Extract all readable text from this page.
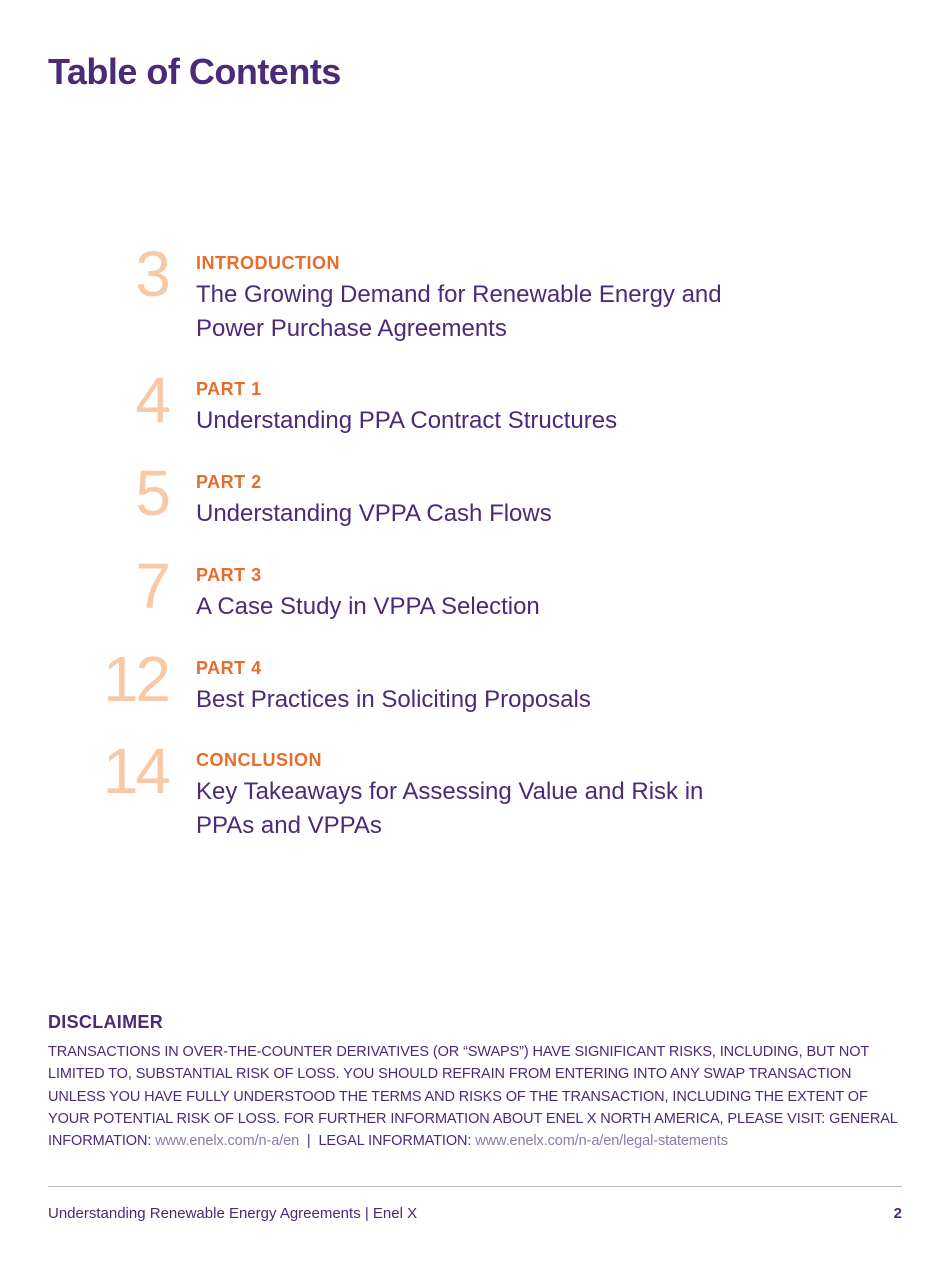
Table of Contents
3 INTRODUCTION
The Growing Demand for Renewable Energy and Power Purchase Agreements
4 PART 1
Understanding PPA Contract Structures
5 PART 2
Understanding VPPA Cash Flows
7 PART 3
A Case Study in VPPA Selection
12 PART 4
Best Practices in Soliciting Proposals
14 CONCLUSION
Key Takeaways for Assessing Value and Risk in PPAs and VPPAs
DISCLAIMER

TRANSACTIONS IN OVER-THE-COUNTER DERIVATIVES (OR “SWAPS”) HAVE SIGNIFICANT RISKS, INCLUDING, BUT NOT LIMITED TO, SUBSTANTIAL RISK OF LOSS. YOU SHOULD REFRAIN FROM ENTERING INTO ANY SWAP TRANSACTION UNLESS YOU HAVE FULLY UNDERSTOOD THE TERMS AND RISKS OF THE TRANSACTION, INCLUDING THE EXTENT OF YOUR POTENTIAL RISK OF LOSS. FOR FURTHER INFORMATION ABOUT ENEL X NORTH AMERICA, PLEASE VISIT: GENERAL INFORMATION: www.enelx.com/n-a/en | LEGAL INFORMATION: www.enelx.com/n-a/en/legal-statements

Understanding Renewable Energy Agreements | Enel X	2
